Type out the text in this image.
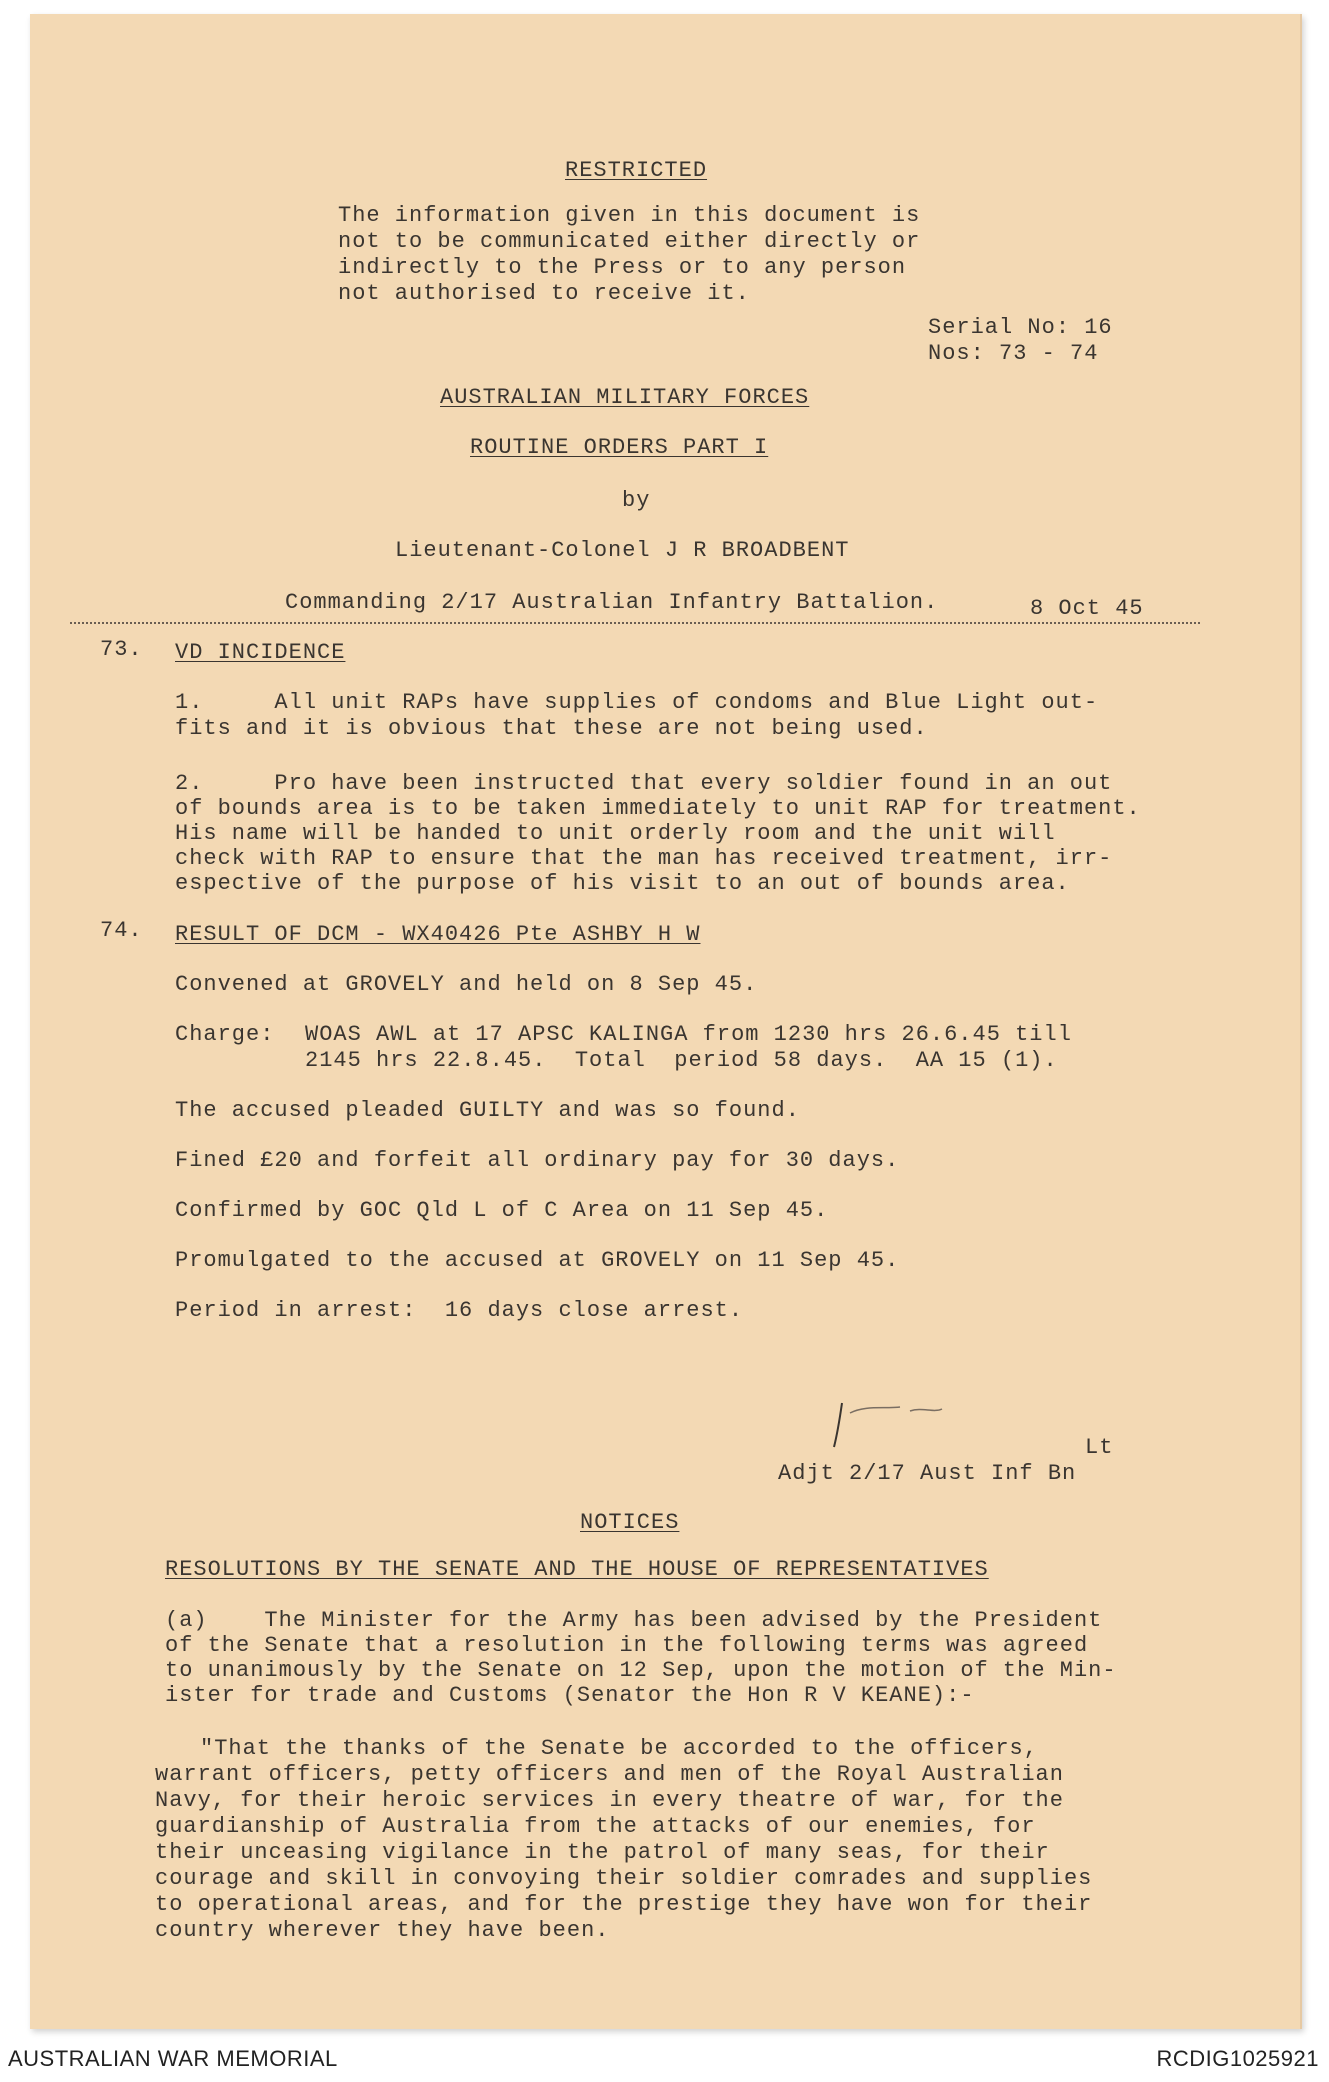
RESTRICTED
The information given in this document is
not to be communicated either directly or
indirectly to the Press or to any person
not authorised to receive it.
Serial No: 16
Nos: 73 - 74
AUSTRALIAN MILITARY FORCES
ROUTINE ORDERS PART I
by
Lieutenant-Colonel J R BROADBENT
Commanding 2/17 Australian Infantry Battalion.	8 Oct 45
73. VD INCIDENCE
1.     All unit RAPs have supplies of condoms and Blue Light out-
fits and it is obvious that these are not being used.
2.     Pro have been instructed that every soldier found in an out
of bounds area is to be taken immediately to unit RAP for treatment.
His name will be handed to unit orderly room and the unit will
check with RAP to ensure that the man has received treatment, irr-
espective of the purpose of his visit to an out of bounds area.
74. RESULT OF DCM - WX40426 Pte ASHBY H W
Convened at GROVELY and held on 8 Sep 45.
Charge: WOAS AWL at 17 APSC KALINGA from 1230 hrs 26.6.45 till
2145 hrs 22.8.45.  Total  period 58 days.  AA 15 (1).
The accused pleaded GUILTY and was so found.
Fined £20 and forfeit all ordinary pay for 30 days.
Confirmed by GOC Qld L of C Area on 11 Sep 45.
Promulgated to the accused at GROVELY on 11 Sep 45.
Period in arrest:  16 days close arrest.
Lt
Adjt 2/17 Aust Inf Bn
NOTICES
RESOLUTIONS BY THE SENATE AND THE HOUSE OF REPRESENTATIVES
(a)    The Minister for the Army has been advised by the President
of the Senate that a resolution in the following terms was agreed
to unanimously by the Senate on 12 Sep, upon the motion of the Min-
ister for trade and Customs (Senator the Hon R V KEANE):-
"That the thanks of the Senate be accorded to the officers,
warrant officers, petty officers and men of the Royal Australian
Navy, for their heroic services in every theatre of war, for the
guardianship of Australia from the attacks of our enemies, for
their unceasing vigilance in the patrol of many seas, for their
courage and skill in convoying their soldier comrades and supplies
to operational areas, and for the prestige they have won for their
country wherever they have been.
AUSTRALIAN WAR MEMORIAL	RCDIG1025921
